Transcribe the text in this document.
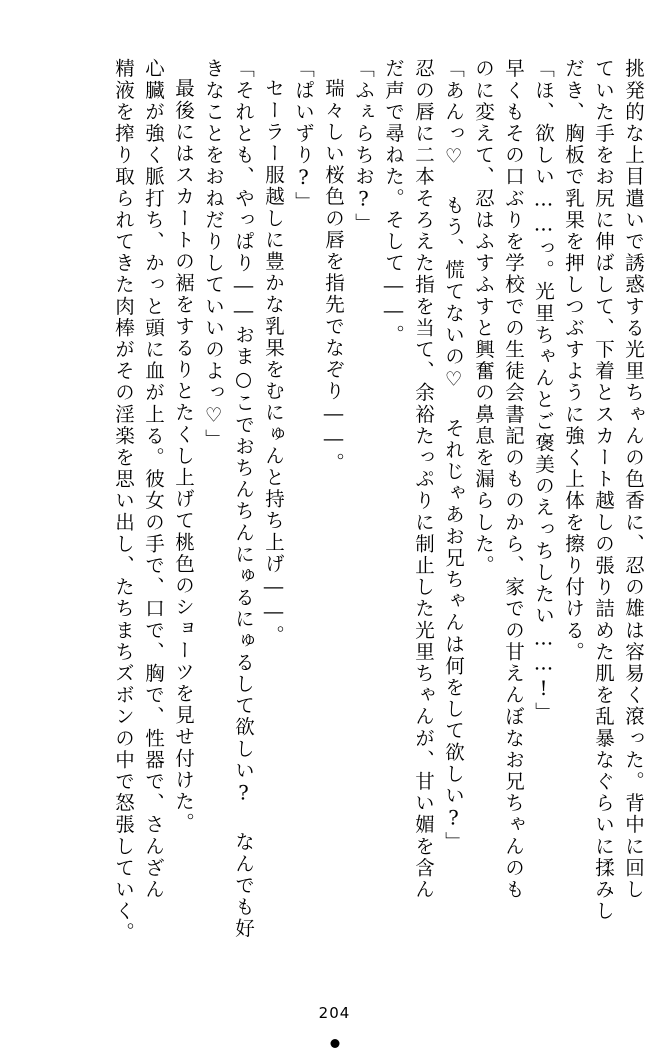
挑発的な上目遣いで誘惑する光里ちゃんの色香に、忍の雄は容易く滾った。背中に回し
ていた手をお尻に伸ばして、下着とスカート越しの張り詰めた肌を乱暴なぐらいに揉みし
だき、胸板で乳果を押しつぶすように強く上体を擦り付ける。
「ほ、欲しい……っ。光里ちゃんとご褒美のえっちしたい……!」
早くもその口ぶりを学校での生徒会書記のものから、家での甘えんぼなお兄ちゃんのも
のに変えて、忍はふすふすと興奮の鼻息を漏らした。
「あんっ♡ もう、慌てないの♡ それじゃあお兄ちゃんは何をして欲しい?」
忍の唇に二本そろえた指を当て、余裕たっぷりに制止した光里ちゃんが、甘い媚を含ん
だ声で尋ねた。そして――。
「ふぇらちお?」
瑞々しい桜色の唇を指先でなぞり――。
「ぱいずり?」
セーラー服越しに豊かな乳果をむにゅんと持ち上げ――。
「それとも、やっぱり――おま○こでおちんちんにゅるにゅるして欲しい? なんでも好
きなことをおねだりしていいのよっ♡」
最後にはスカートの裾をするりとたくし上げて桃色のショーツを見せ付けた。
心臓が強く脈打ち、かっと頭に血が上る。彼女の手で、口で、胸で、性器で、さんざん
精液を搾り取られてきた肉棒がその淫楽を思い出し、たちまちズボンの中で怒張していく。
204
